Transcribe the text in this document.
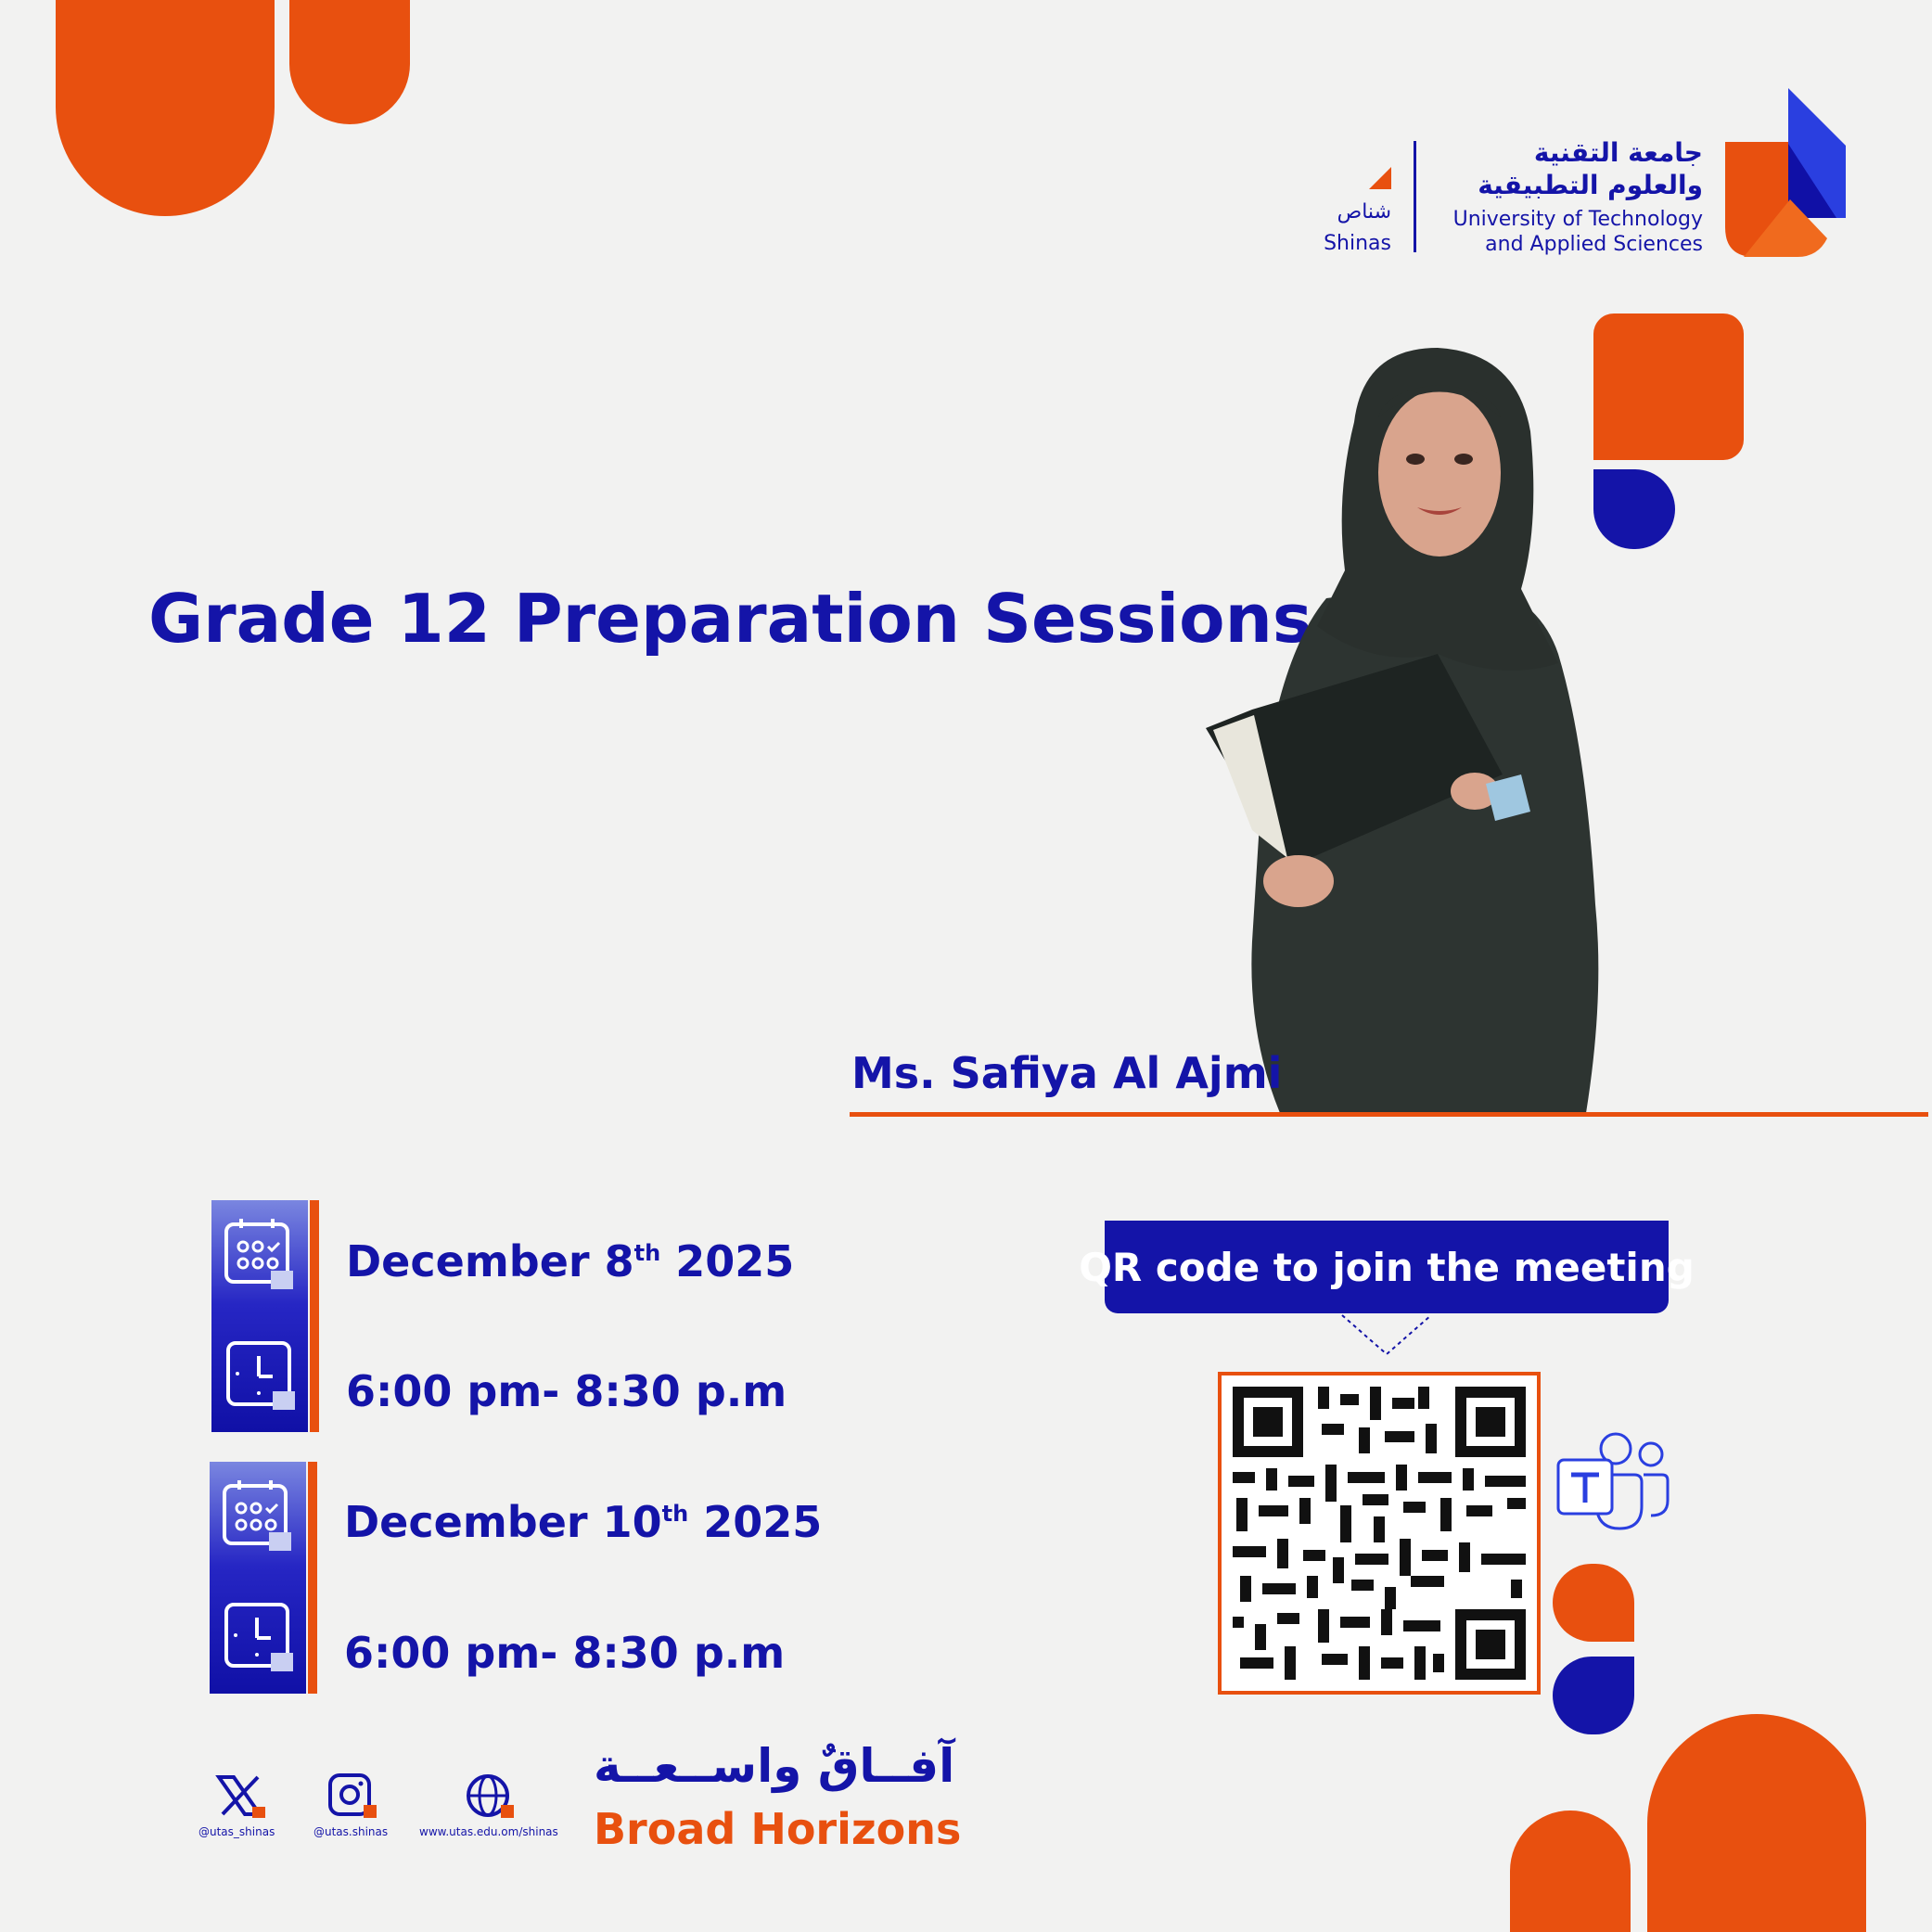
جامعة التقنية
والعلوم التطبيقية
University of Technology
and Applied Sciences
شناص
Shinas
Grade 12 Preparation Sessions
Ms. Safiya Al Ajmi
December 8th 2025
6:00 pm- 8:30 p.m
December 10th 2025
6:00 pm- 8:30 p.m
QR code to join the meeting
@utas_shinas	@utas.shinas	www.utas.edu.om/shinas
آفــاقٌ واســعــة
Broad Horizons
